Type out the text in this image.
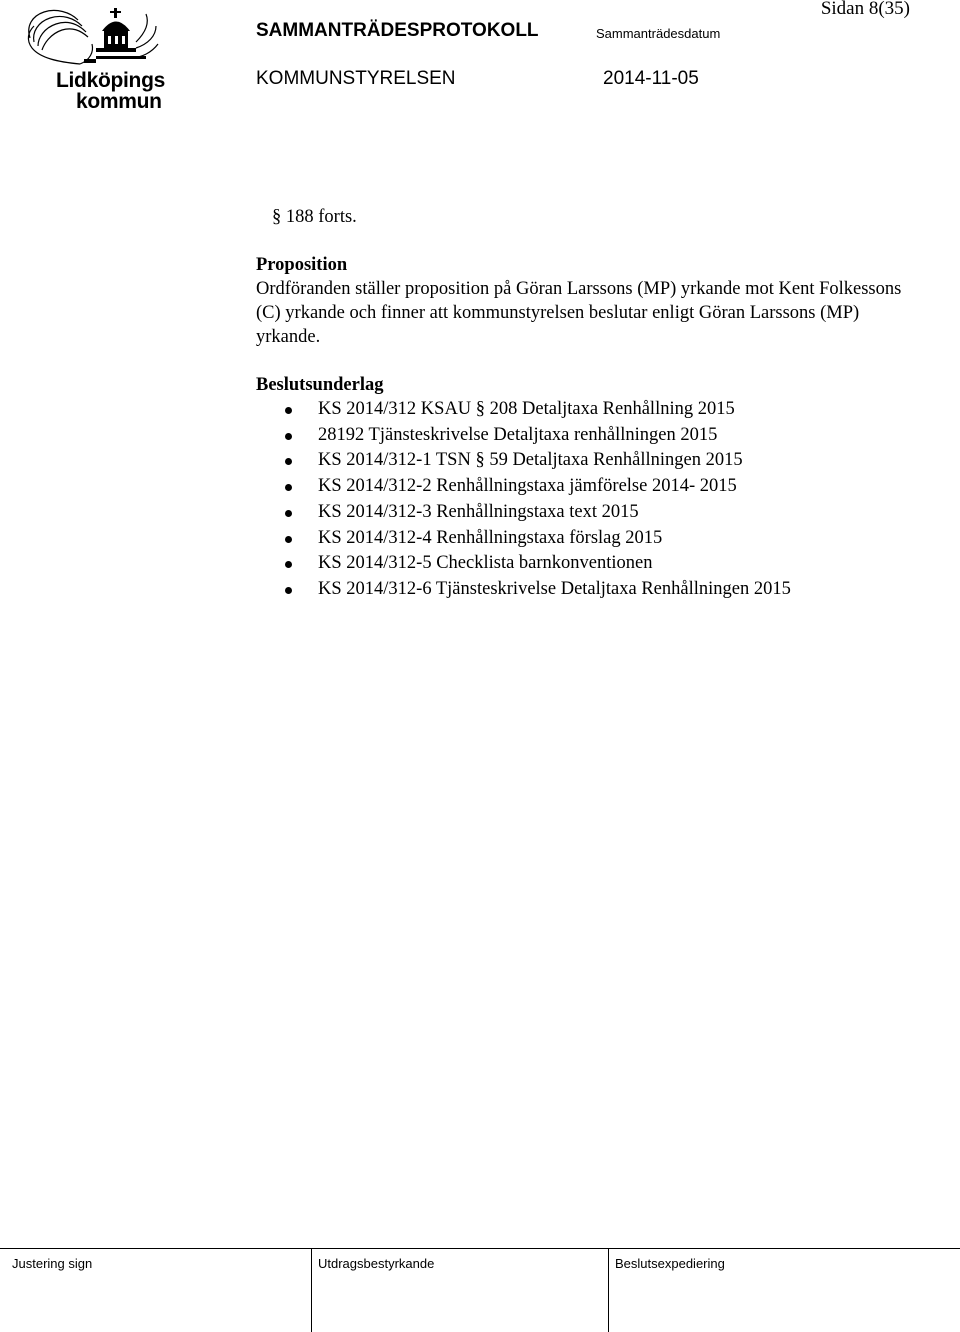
Lidköpings
kommun
Sidan 8(35)
SAMMANTRÄDESPROTOKOLL	Sammanträdesdatum
KOMMUNSTYRELSEN	2014-11-05
§ 188 forts.
Proposition

Ordföranden ställer proposition på Göran Larssons (MP) yrkande mot Kent Folkessons (C) yrkande och finner att kommunstyrelsen beslutar enligt Göran Larssons (MP) yrkande.

Beslutsunderlag
KS 2014/312 KSAU § 208 Detaljtaxa Renhållning 2015
28192 Tjänsteskrivelse Detaljtaxa renhållningen 2015
KS 2014/312-1 TSN § 59 Detaljtaxa Renhållningen 2015
KS 2014/312-2 Renhållningstaxa jämförelse 2014- 2015
KS 2014/312-3 Renhållningstaxa text 2015
KS 2014/312-4 Renhållningstaxa förslag 2015
KS 2014/312-5 Checklista barnkonventionen
KS 2014/312-6 Tjänsteskrivelse Detaljtaxa Renhållningen 2015
Justering sign	Utdragsbestyrkande	Beslutsexpediering
